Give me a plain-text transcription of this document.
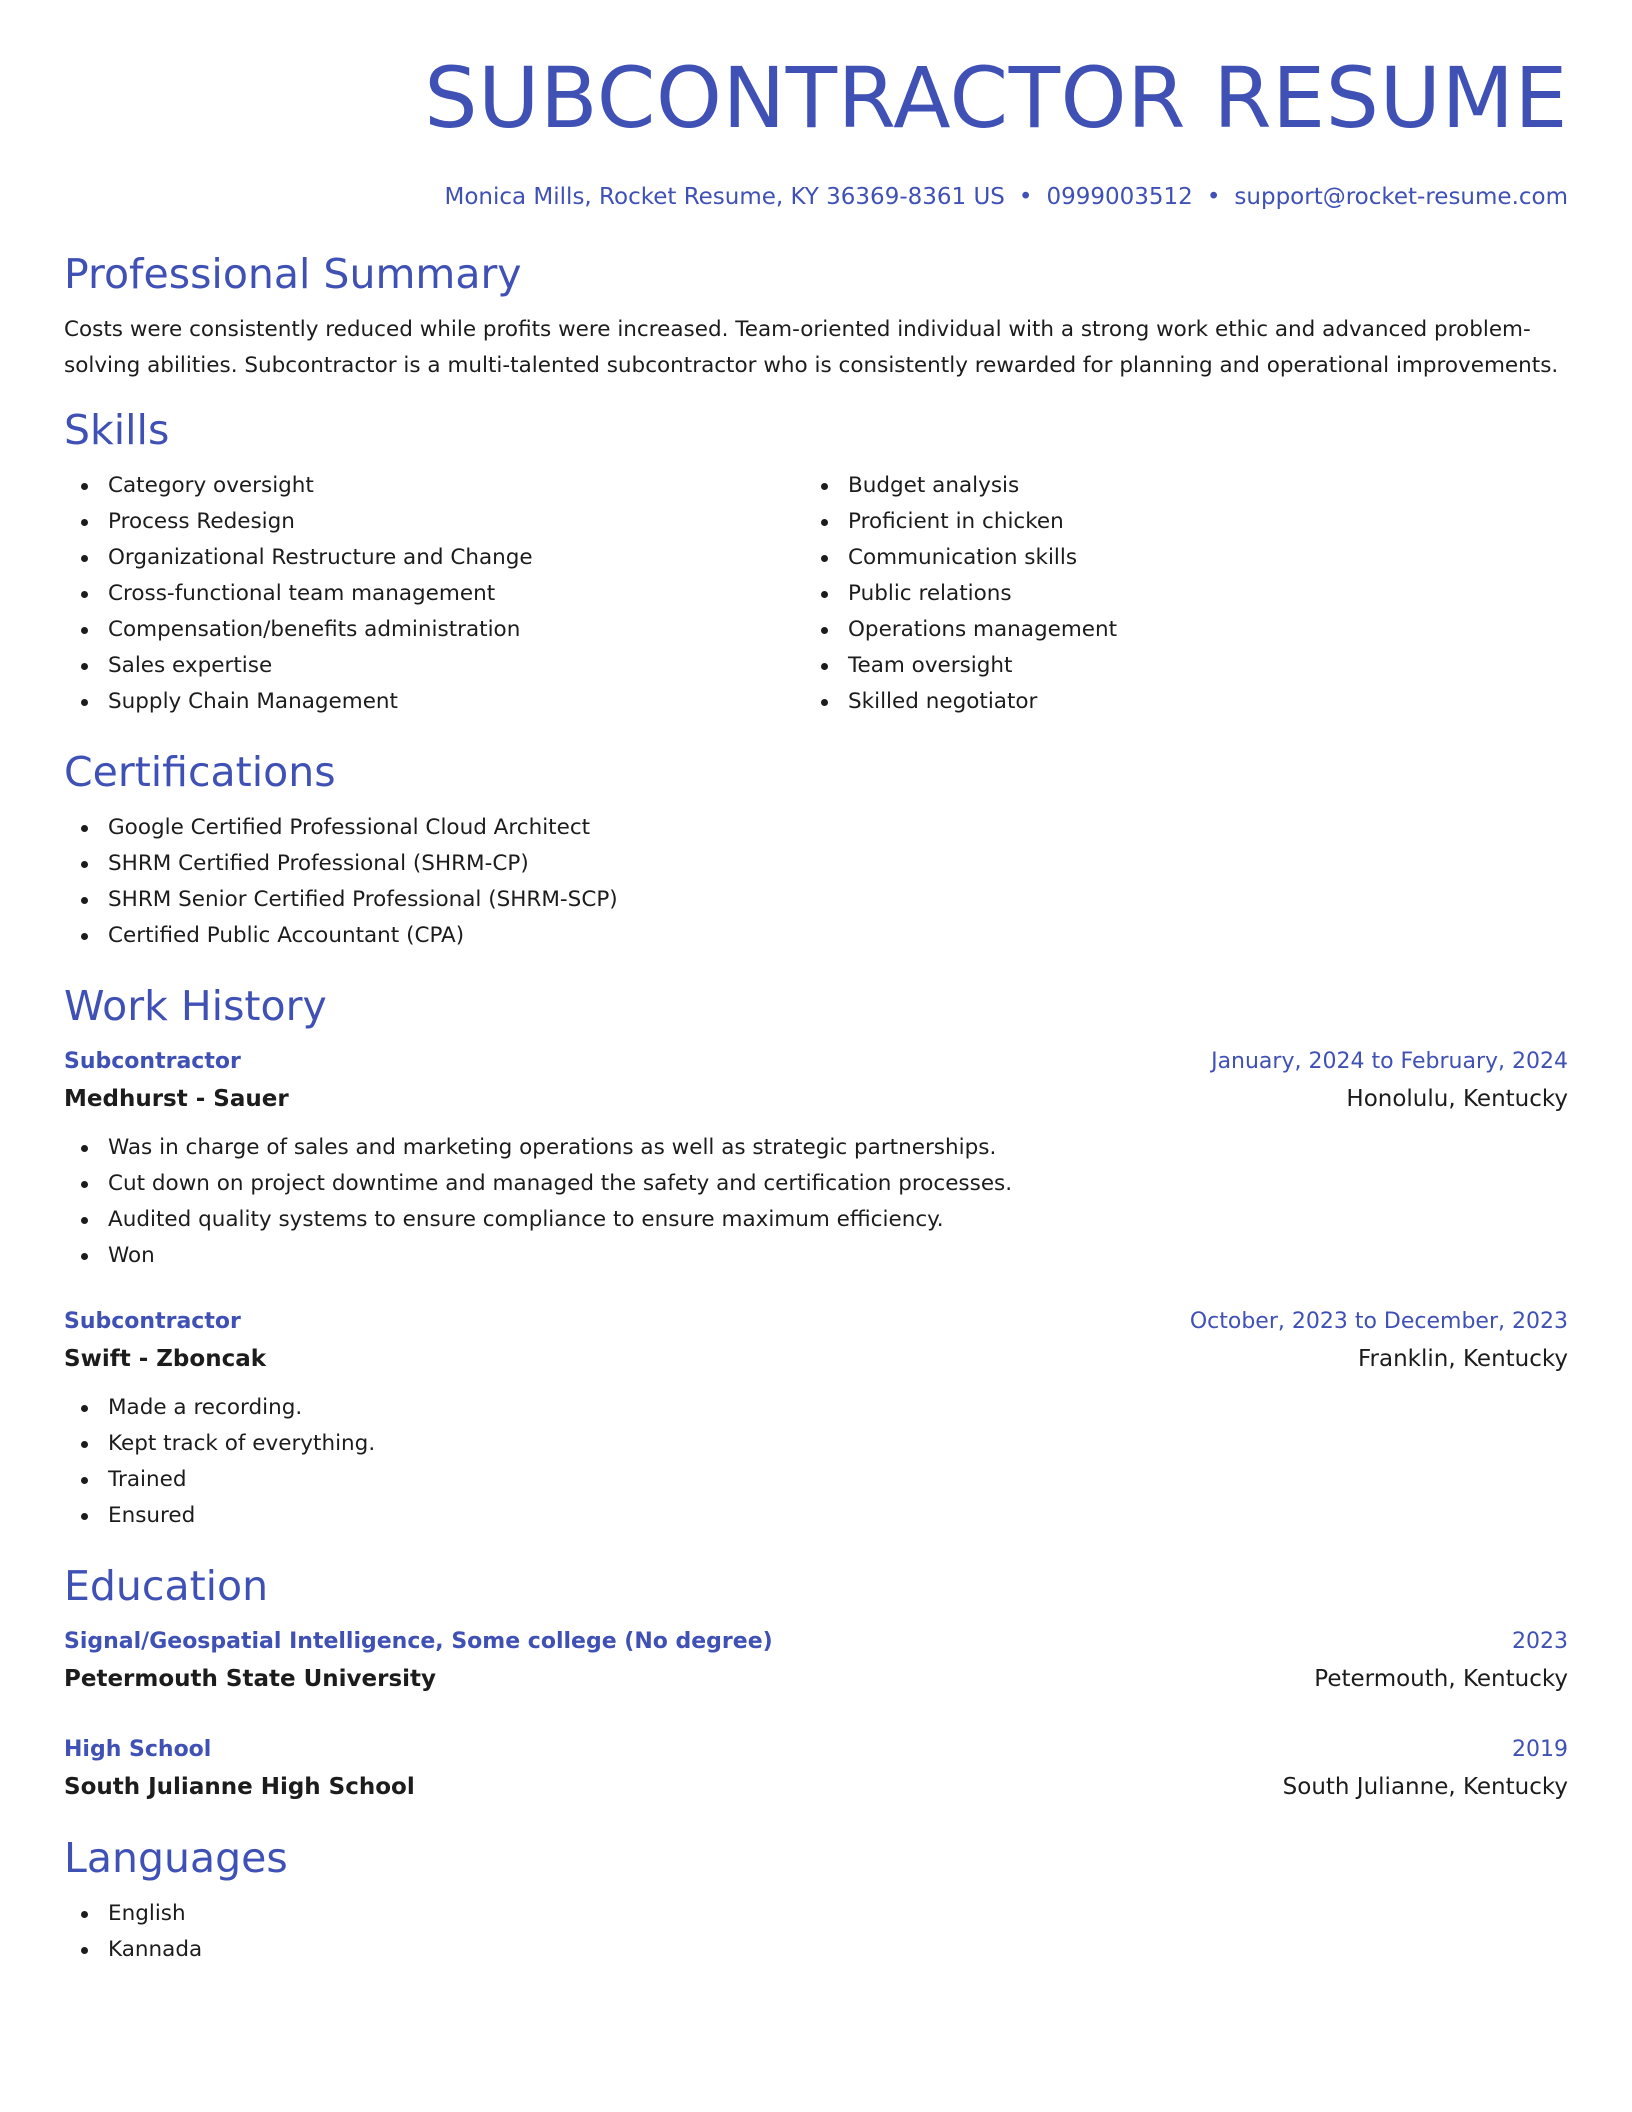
SUBCONTRACTOR RESUME
Monica Mills, Rocket Resume, KY 36369-8361 US • 0999003512 • support@rocket-resume.com
Professional Summary

Costs were consistently reduced while profits were increased. Team-oriented individual with a strong work ethic and advanced problem-solving abilities. Subcontractor is a multi-talented subcontractor who is consistently rewarded for planning and operational improvements.

Skills
Category oversight
Process Redesign
Organizational Restructure and Change
Cross-functional team management
Compensation/benefits administration
Sales expertise
Supply Chain Management
Budget analysis
Proficient in chicken
Communication skills
Public relations
Operations management
Team oversight
Skilled negotiator
Certifications
Google Certified Professional Cloud Architect
SHRM Certified Professional (SHRM-CP)
SHRM Senior Certified Professional (SHRM-SCP)
Certified Public Accountant (CPA)
Work History
Subcontractor	January, 2024 to February, 2024
Medhurst - Sauer	Honolulu, Kentucky
Was in charge of sales and marketing operations as well as strategic partnerships.
Cut down on project downtime and managed the safety and certification processes.
Audited quality systems to ensure compliance to ensure maximum efficiency.
Won
Subcontractor	October, 2023 to December, 2023
Swift - Zboncak	Franklin, Kentucky
Made a recording.
Kept track of everything.
Trained
Ensured
Education
Signal/Geospatial Intelligence, Some college (No degree)	2023
Petermouth State University	Petermouth, Kentucky
High School	2019
South Julianne High School	South Julianne, Kentucky
Languages
English
Kannada
